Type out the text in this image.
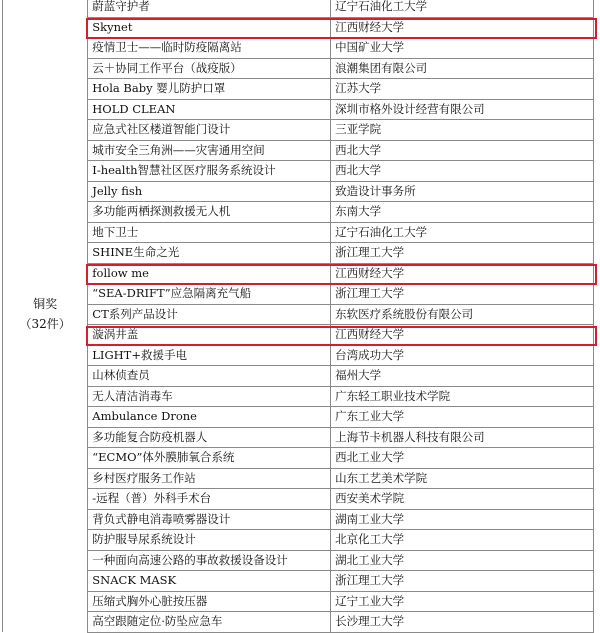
铜奖
（32件）	蔚蓝守护者	辽宁石油化工大学
	Skynet	江西财经大学
	疫情卫士——临时防疫隔离站	中国矿业大学
	云＋协同工作平台（战疫版）	浪潮集团有限公司
	Hola Baby 婴儿防护口罩	江苏大学
	HOLD CLEAN	深圳市格外设计经营有限公司
	应急式社区楼道智能门设计	三亚学院
	城市安全三角洲——灾害通用空间	西北大学
	I-health智慧社区医疗服务系统设计	西北大学
	Jelly fish	致造设计事务所
	多功能两栖探测救援无人机	东南大学
	地下卫士	辽宁石油化工大学
	SHINE生命之光	浙江理工大学
	follow me	江西财经大学
	“SEA-DRIFT”应急隔离充气船	浙江理工大学
	CT系列产品设计	东软医疗系统股份有限公司
	漩涡井盖	江西财经大学
	LIGHT+救援手电	台湾成功大学
	山林侦查员	福州大学
	无人清洁消毒车	广东轻工职业技术学院
	Ambulance Drone	广东工业大学
	多功能复合防疫机器人	上海节卡机器人科技有限公司
	“ECMO”体外膜肺氧合系统	西北工业大学
	乡村医疗服务工作站	山东工艺美术学院
	-远程（普）外科手术台	西安美术学院
	背负式静电消毒喷雾器设计	湖南工业大学
	防护服导尿系统设计	北京化工大学
	一种面向高速公路的事故救援设备设计	湖北工业大学
	SNACK MASK	浙江理工大学
	压缩式胸外心脏按压器	辽宁工业大学
	高空跟随定位·防坠应急车	长沙理工大学
